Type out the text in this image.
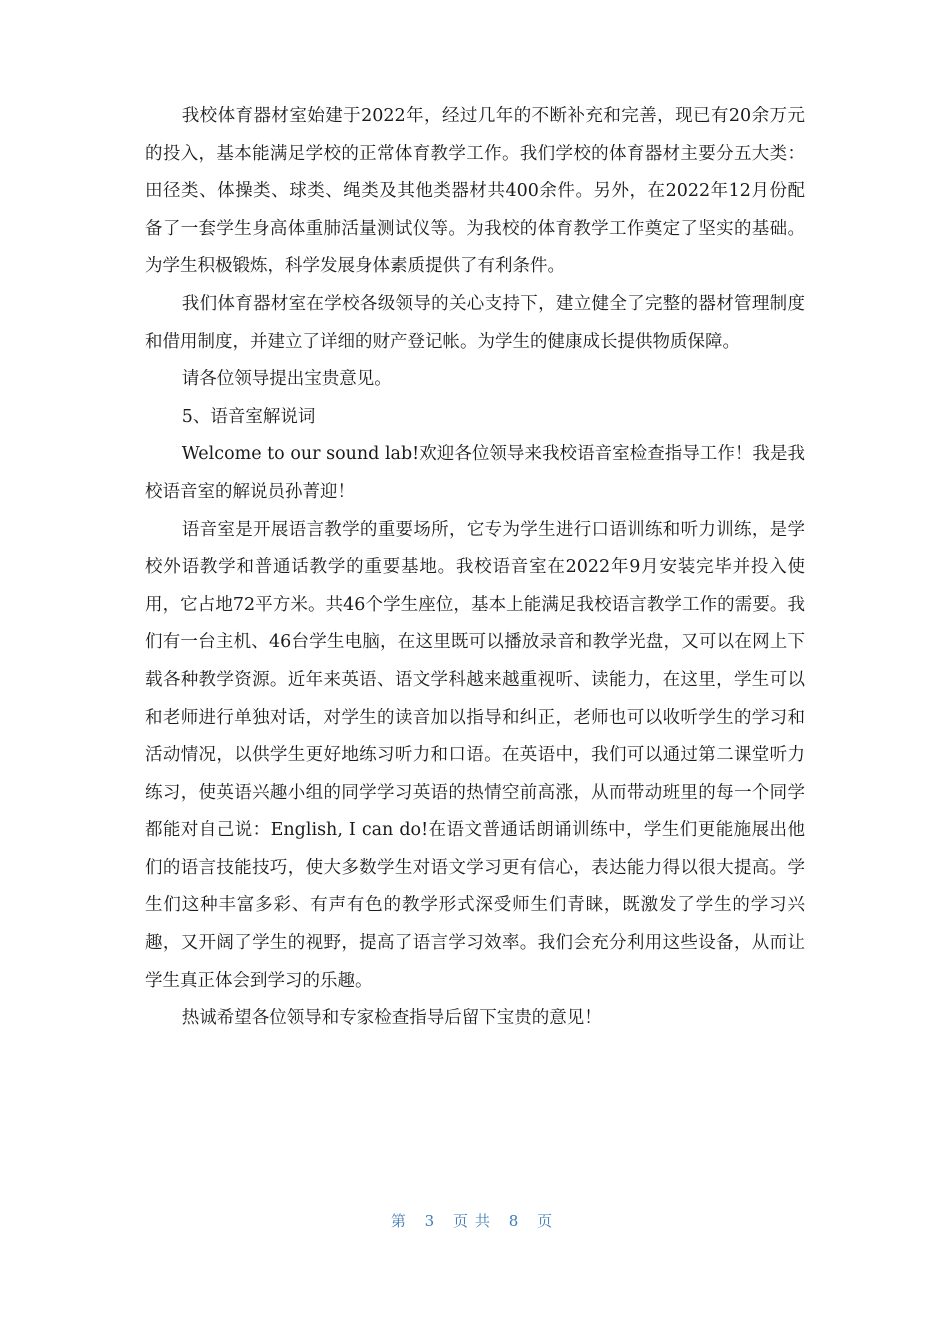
我校体育器材室始建于2022年，经过几年的不断补充和完善，现已有20余万元的投入，基本能满足学校的正常体育教学工作。我们学校的体育器材主要分五大类：田径类、体操类、球类、绳类及其他类器材共400余件。另外，在2022年12月份配备了一套学生身高体重肺活量测试仪等。为我校的体育教学工作奠定了坚实的基础。为学生积极锻炼，科学发展身体素质提供了有利条件。

我们体育器材室在学校各级领导的关心支持下，建立健全了完整的器材管理制度和借用制度，并建立了详细的财产登记帐。为学生的健康成长提供物质保障。

请各位领导提出宝贵意见。

5、语音室解说词

Welcome to our sound lab!欢迎各位领导来我校语音室检查指导工作！我是我校语音室的解说员孙菁迎！

语音室是开展语言教学的重要场所，它专为学生进行口语训练和听力训练，是学校外语教学和普通话教学的重要基地。我校语音室在2022年9月安装完毕并投入使用，它占地72平方米。共46个学生座位，基本上能满足我校语言教学工作的需要。我们有一台主机、46台学生电脑，在这里既可以播放录音和教学光盘，又可以在网上下载各种教学资源。近年来英语、语文学科越来越重视听、读能力，在这里，学生可以和老师进行单独对话，对学生的读音加以指导和纠正，老师也可以收听学生的学习和活动情况，以供学生更好地练习听力和口语。在英语中，我们可以通过第二课堂听力练习，使英语兴趣小组的同学学习英语的热情空前高涨，从而带动班里的每一个同学都能对自己说：English, I can do!在语文普通话朗诵训练中，学生们更能施展出他们的语言技能技巧，使大多数学生对语文学习更有信心，表达能力得以很大提高。学生们这种丰富多彩、有声有色的教学形式深受师生们青睐，既激发了学生的学习兴趣，又开阔了学生的视野，提高了语言学习效率。我们会充分利用这些设备，从而让学生真正体会到学习的乐趣。

热诚希望各位领导和专家检查指导后留下宝贵的意见！

第 3 页共 8 页
